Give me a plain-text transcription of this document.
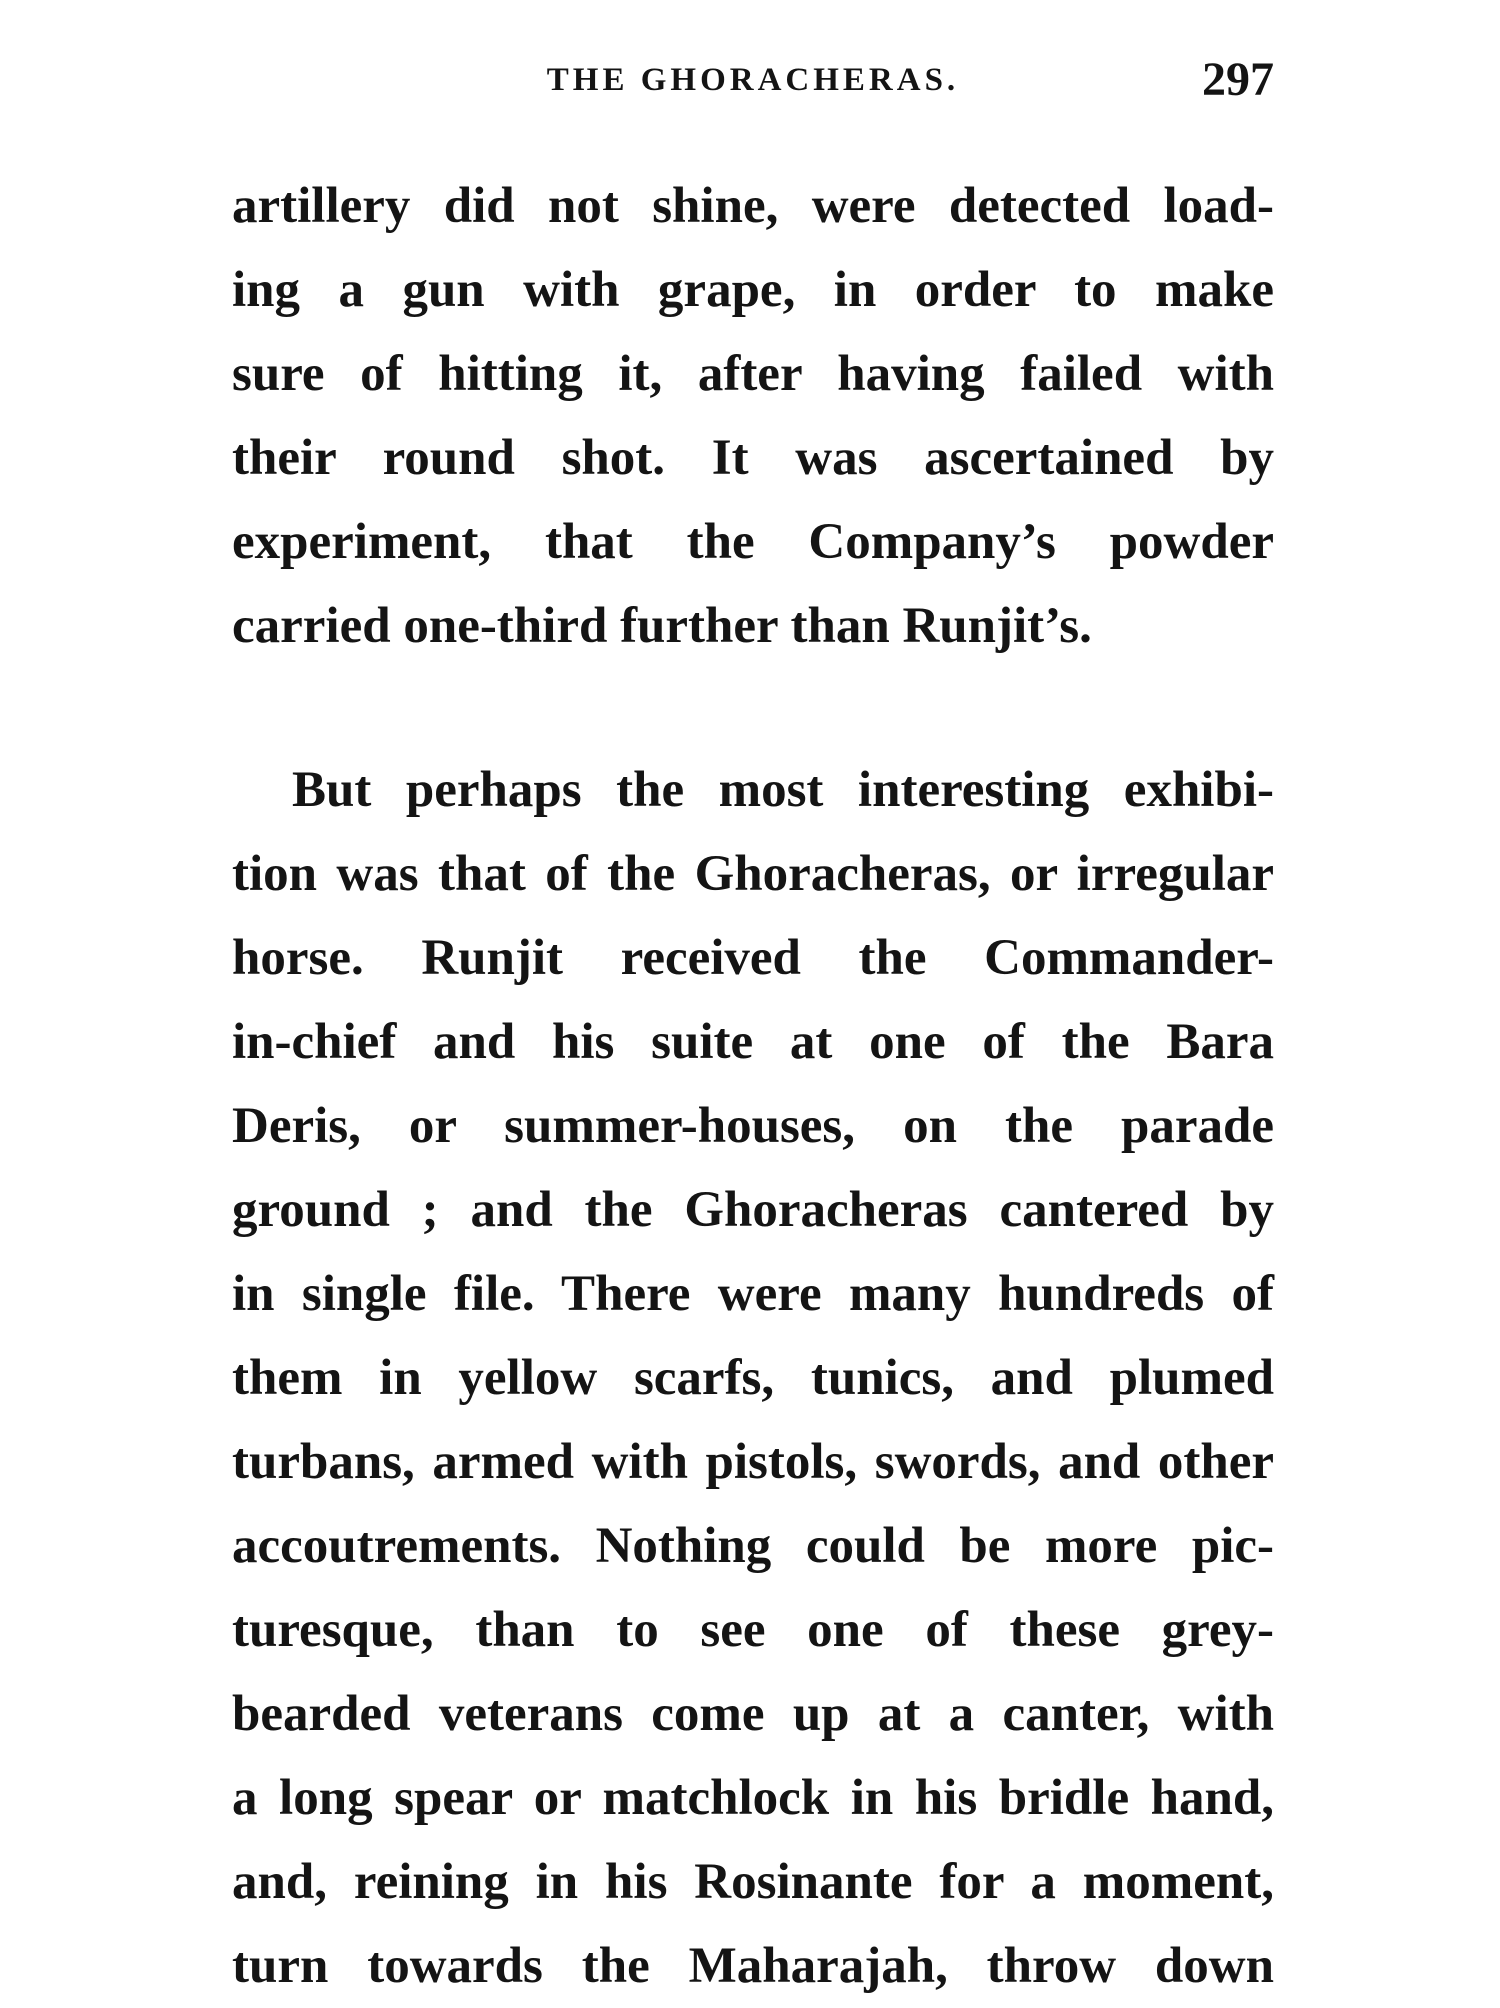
THE GHORACHERAS.	297
artillery did not shine, were detected load-
ing a gun with grape, in order to make
sure of hitting it, after having failed with
their round shot. It was ascertained by
experiment, that the Company’s powder
carried one-third further than Runjit’s.
But perhaps the most interesting exhibi-
tion was that of the Ghoracheras, or irregular
horse. Runjit received the Commander-
in-chief and his suite at one of the Bara
Deris, or summer-houses, on the parade
ground ; and the Ghoracheras cantered by
in single file. There were many hundreds of
them in yellow scarfs, tunics, and plumed
turbans, armed with pistols, swords, and other
accoutrements. Nothing could be more pic-
turesque, than to see one of these grey-
bearded veterans come up at a canter, with
a long spear or matchlock in his bridle hand,
and, reining in his Rosinante for a moment,
turn towards the Maharajah, throw down
